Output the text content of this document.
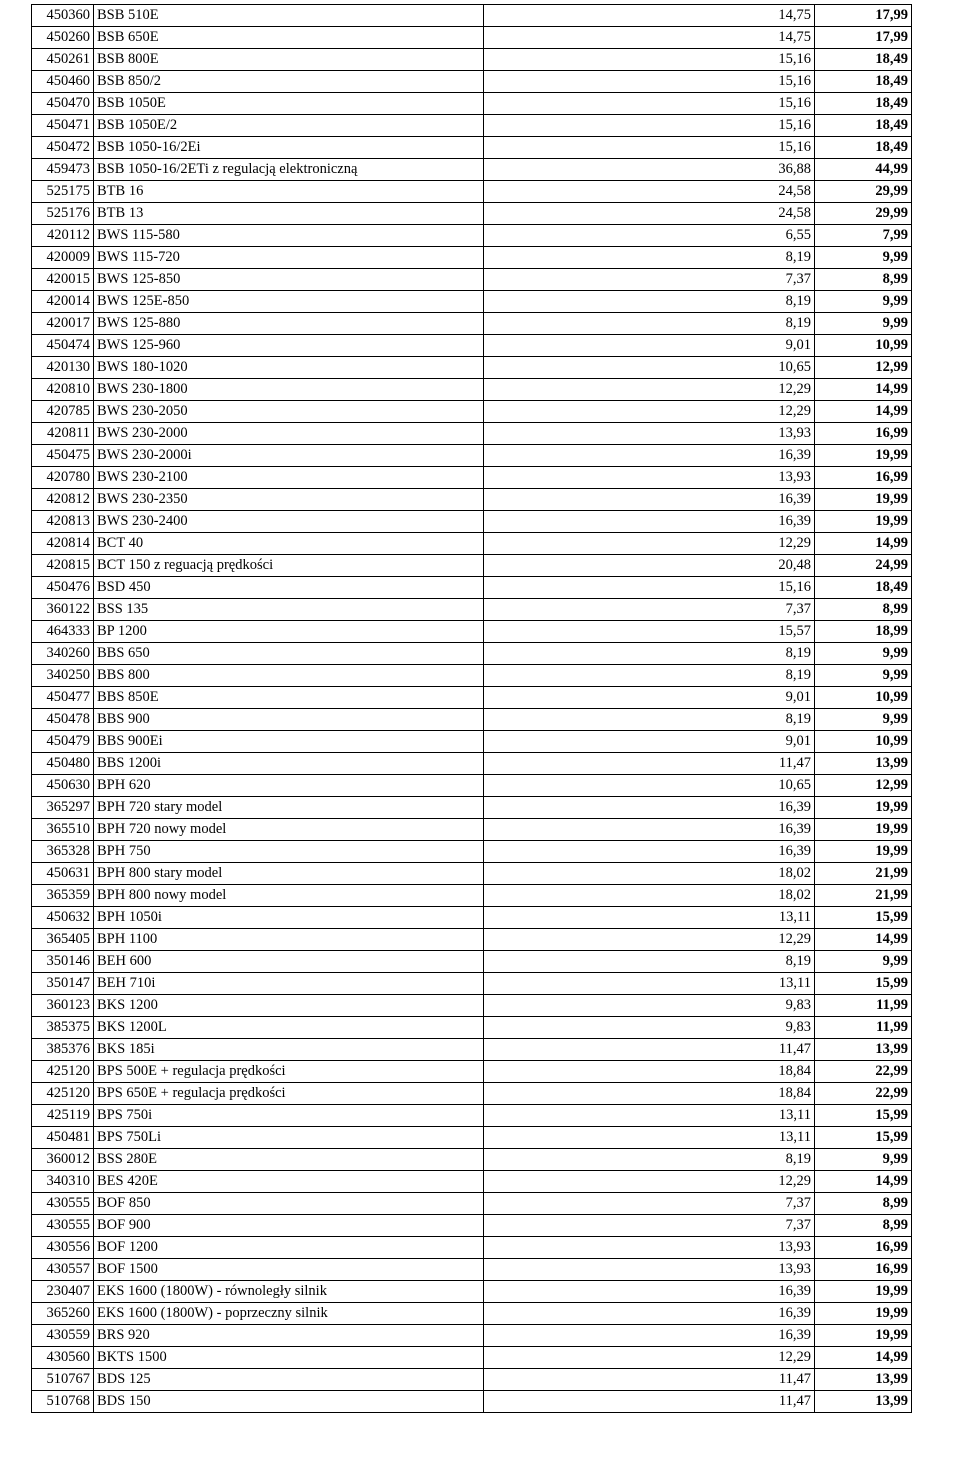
450360	BSB 510E	14,75	17,99
450260	BSB 650E	14,75	17,99
450261	BSB 800E	15,16	18,49
450460	BSB 850/2	15,16	18,49
450470	BSB 1050E	15,16	18,49
450471	BSB 1050E/2	15,16	18,49
450472	BSB 1050-16/2Ei	15,16	18,49
459473	BSB 1050-16/2ETi z regulacją elektroniczną	36,88	44,99
525175	BTB 16	24,58	29,99
525176	BTB 13	24,58	29,99
420112	BWS 115-580	6,55	7,99
420009	BWS 115-720	8,19	9,99
420015	BWS 125-850	7,37	8,99
420014	BWS 125E-850	8,19	9,99
420017	BWS 125-880	8,19	9,99
450474	BWS 125-960	9,01	10,99
420130	BWS 180-1020	10,65	12,99
420810	BWS 230-1800	12,29	14,99
420785	BWS 230-2050	12,29	14,99
420811	BWS 230-2000	13,93	16,99
450475	BWS 230-2000i	16,39	19,99
420780	BWS 230-2100	13,93	16,99
420812	BWS 230-2350	16,39	19,99
420813	BWS 230-2400	16,39	19,99
420814	BCT 40	12,29	14,99
420815	BCT 150 z reguacją prędkości	20,48	24,99
450476	BSD 450	15,16	18,49
360122	BSS 135	7,37	8,99
464333	BP 1200	15,57	18,99
340260	BBS 650	8,19	9,99
340250	BBS 800	8,19	9,99
450477	BBS 850E	9,01	10,99
450478	BBS 900	8,19	9,99
450479	BBS 900Ei	9,01	10,99
450480	BBS 1200i	11,47	13,99
450630	BPH 620	10,65	12,99
365297	BPH 720 stary model	16,39	19,99
365510	BPH 720 nowy model	16,39	19,99
365328	BPH 750	16,39	19,99
450631	BPH 800 stary model	18,02	21,99
365359	BPH 800 nowy model	18,02	21,99
450632	BPH 1050i	13,11	15,99
365405	BPH 1100	12,29	14,99
350146	BEH 600	8,19	9,99
350147	BEH 710i	13,11	15,99
360123	BKS 1200	9,83	11,99
385375	BKS 1200L	9,83	11,99
385376	BKS 185i	11,47	13,99
425120	BPS 500E + regulacja prędkości	18,84	22,99
425120	BPS 650E + regulacja prędkości	18,84	22,99
425119	BPS 750i	13,11	15,99
450481	BPS 750Li	13,11	15,99
360012	BSS 280E	8,19	9,99
340310	BES 420E	12,29	14,99
430555	BOF 850	7,37	8,99
430555	BOF 900	7,37	8,99
430556	BOF 1200	13,93	16,99
430557	BOF 1500	13,93	16,99
230407	EKS 1600 (1800W) - równoległy silnik	16,39	19,99
365260	EKS 1600 (1800W) - poprzeczny silnik	16,39	19,99
430559	BRS 920	16,39	19,99
430560	BKTS 1500	12,29	14,99
510767	BDS 125	11,47	13,99
510768	BDS 150	11,47	13,99
